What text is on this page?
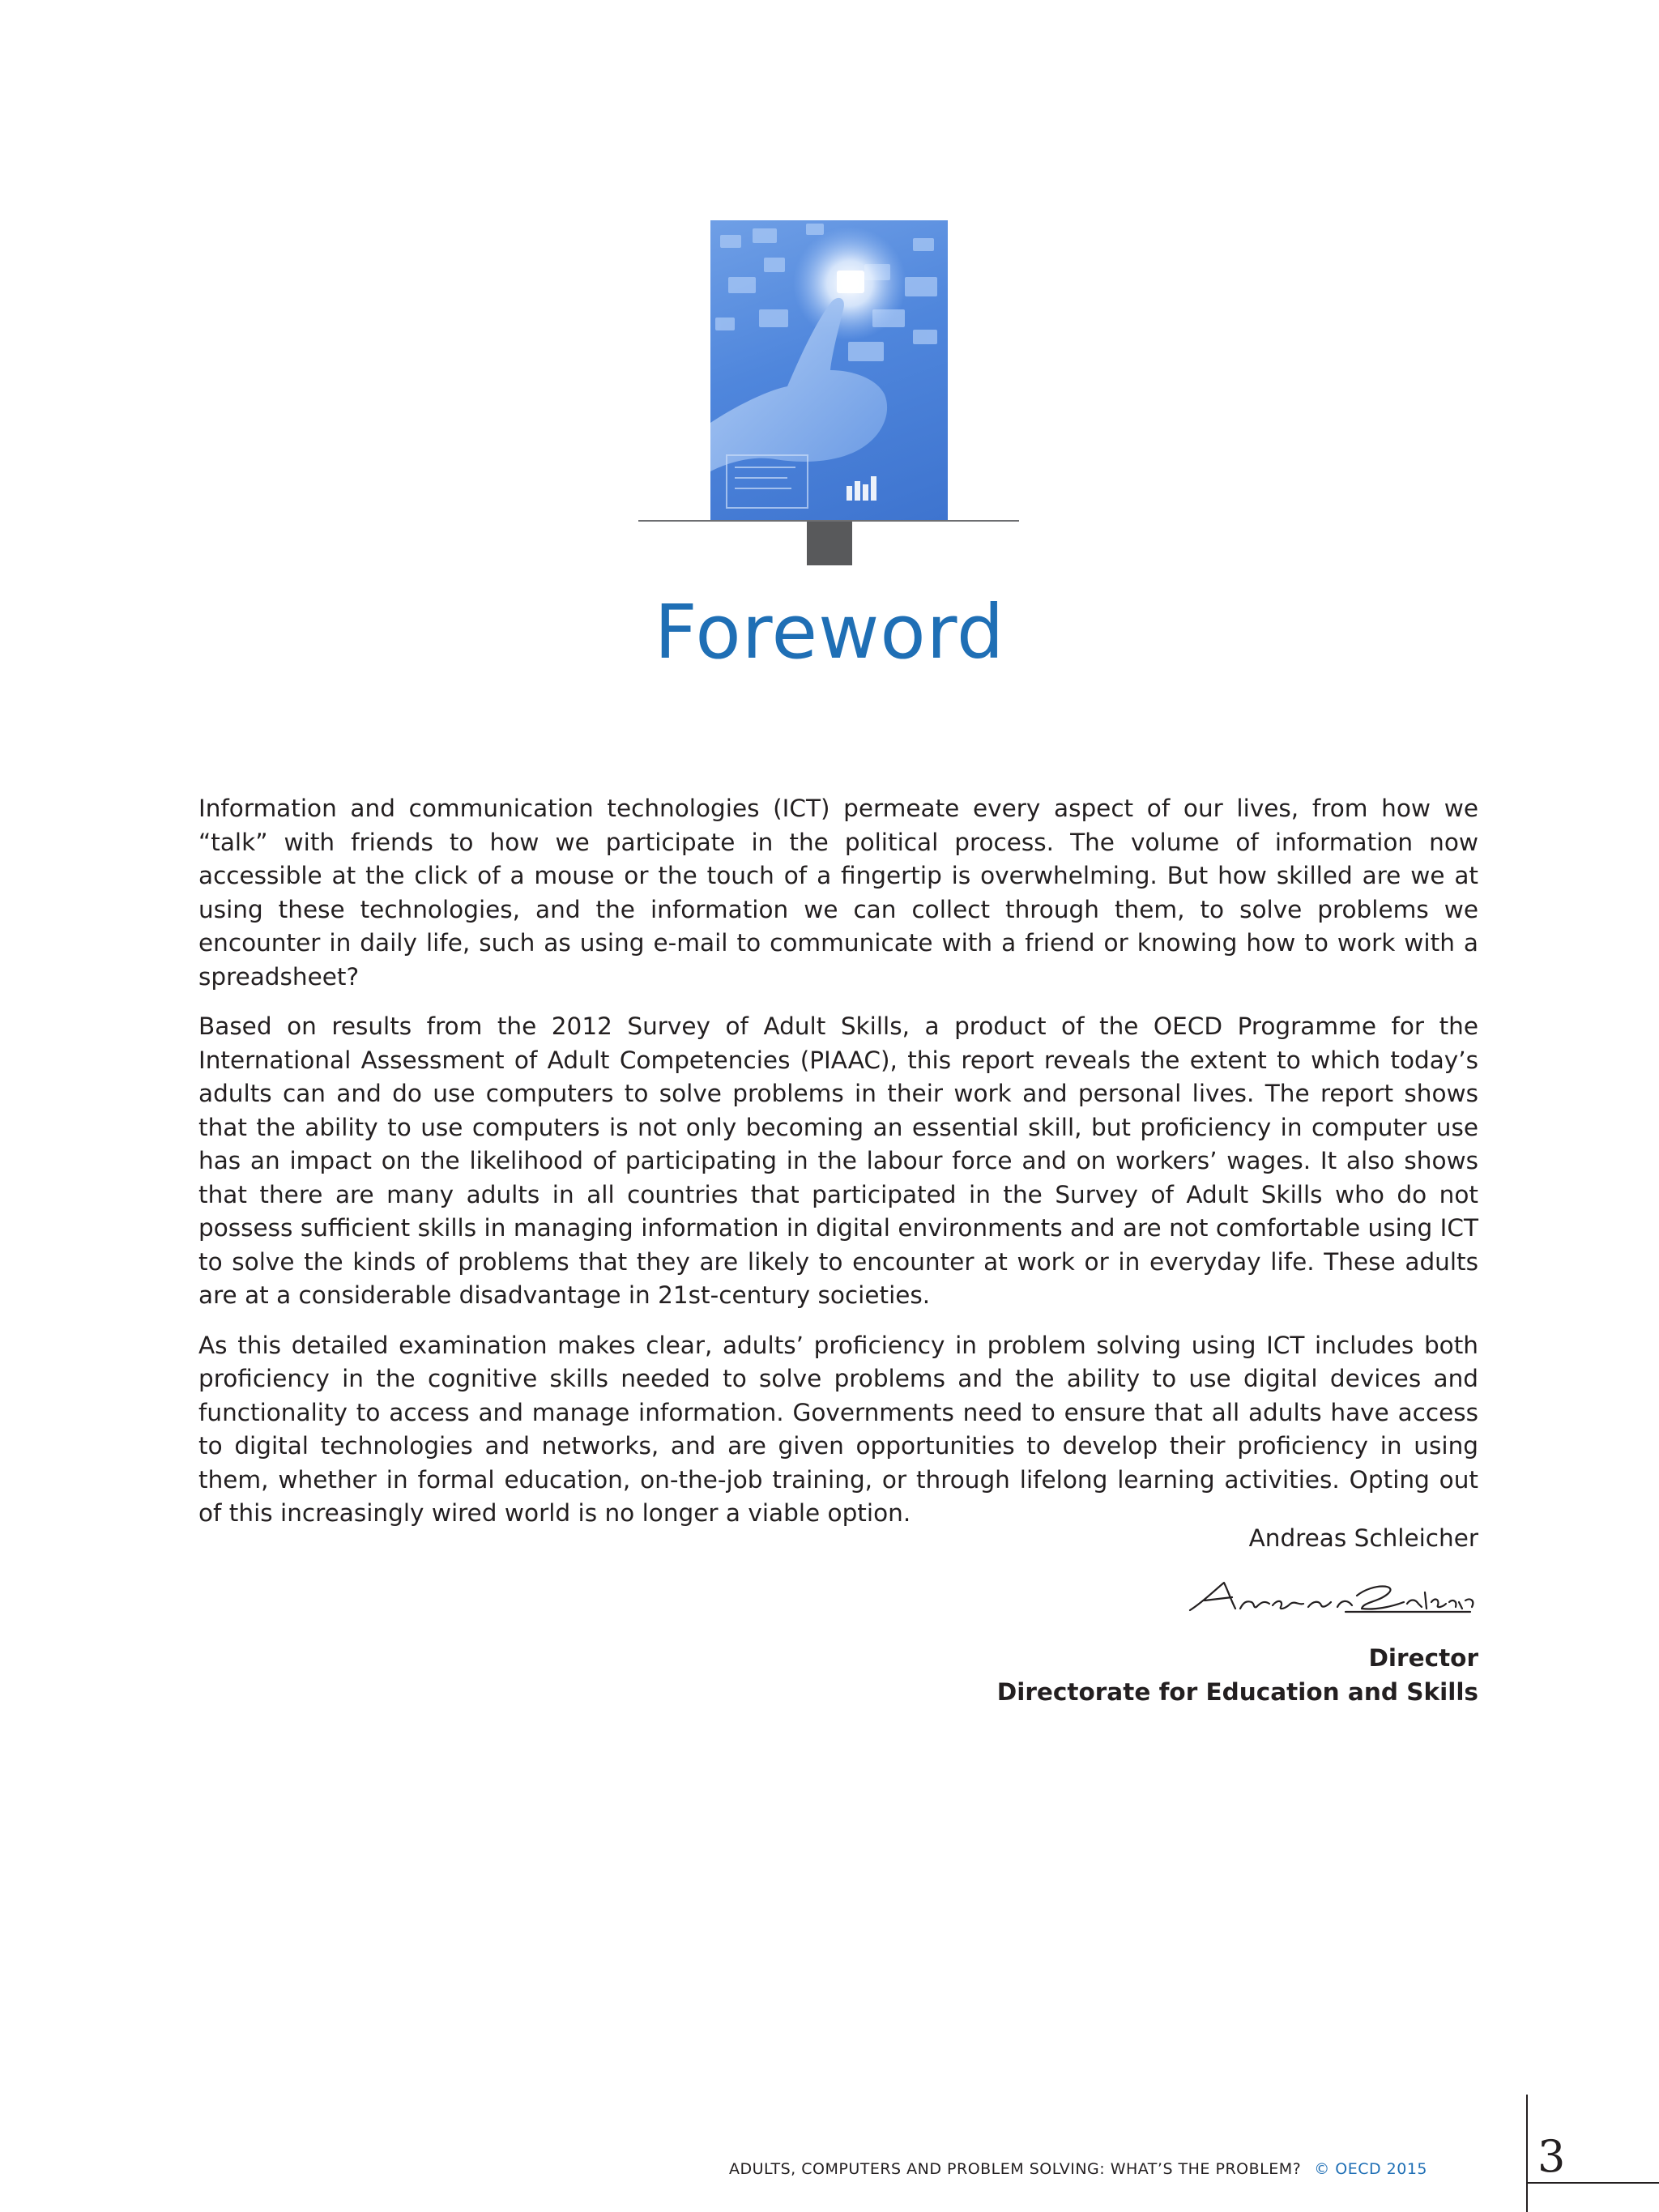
Foreword

Information and communication technologies (ICT) permeate every aspect of our lives, from how we “talk” with friends to how we participate in the political process. The volume of information now accessible at the click of a mouse or the touch of a fingertip is overwhelming. But how skilled are we at using these technologies, and the information we can collect through them, to solve problems we encounter in daily life, such as using e-mail to communicate with a friend or knowing how to work with a spreadsheet?

Based on results from the 2012 Survey of Adult Skills, a product of the OECD Programme for the International Assessment of Adult Competencies (PIAAC), this report reveals the extent to which today’s adults can and do use computers to solve problems in their work and personal lives. The report shows that the ability to use computers is not only becoming an essential skill, but proficiency in computer use has an impact on the likelihood of participating in the labour force and on workers’ wages. It also shows that there are many adults in all countries that participated in the Survey of Adult Skills who do not possess sufficient skills in managing information in digital environments and are not comfortable using ICT to solve the kinds of problems that they are likely to encounter at work or in everyday life. These adults are at a considerable disadvantage in 21st-century societies.

As this detailed examination makes clear, adults’ proficiency in problem solving using ICT includes both proficiency in the cognitive skills needed to solve problems and the ability to use digital devices and functionality to access and manage information. Governments need to ensure that all adults have access to digital technologies and networks, and are given opportunities to develop their proficiency in using them, whether in formal education, on-the-job training, or through lifelong learning activities. Opting out of this increasingly wired world is no longer a viable option.

Andreas Schleicher

Director

Directorate for Education and Skills

ADULTS, COMPUTERS AND PROBLEM SOLVING: WHAT’S THE PROBLEM? © OECD 2015	3
